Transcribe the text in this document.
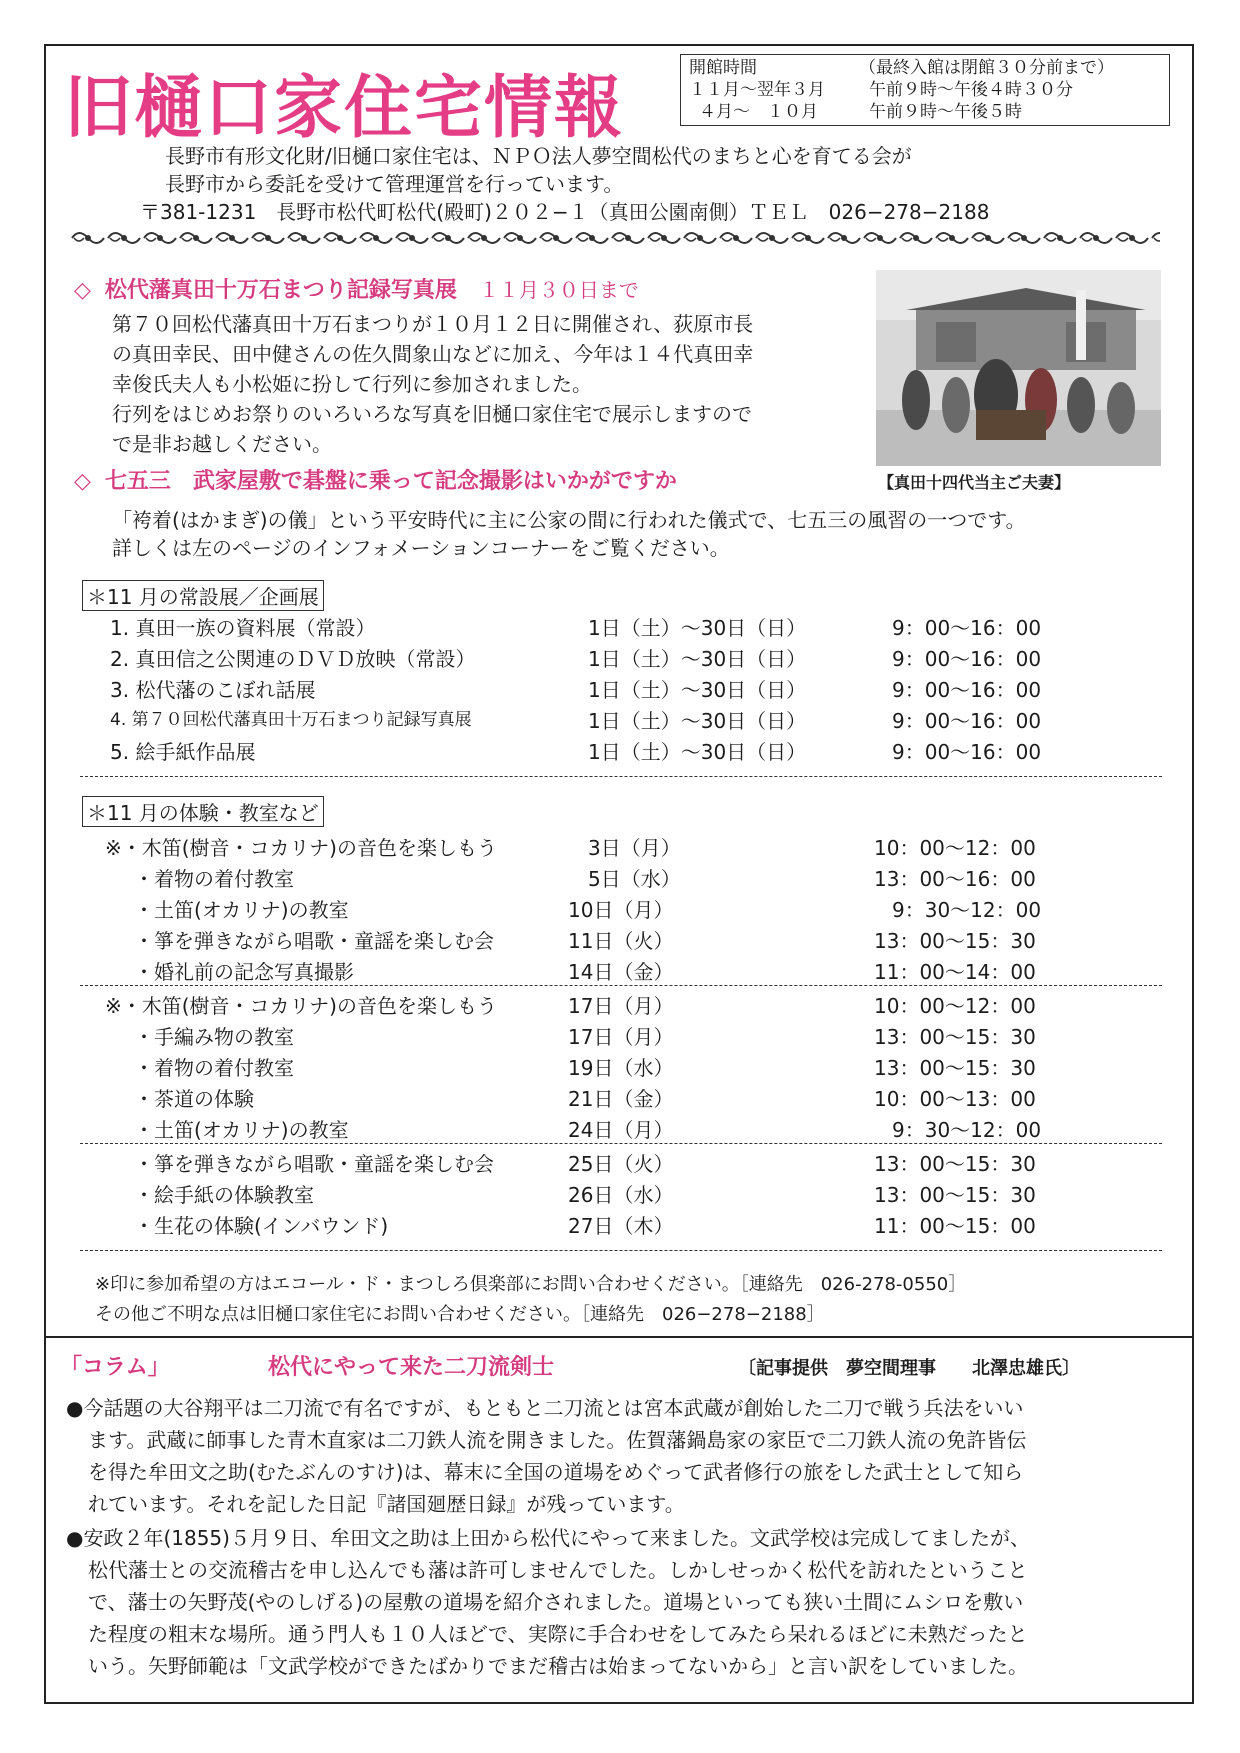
旧樋口家住宅情報
開館時間	（最終入館は閉館３０分前まで）
１１月～翌年３月	午前９時～午後４時３０分
４月～　１０月	午前９時～午後５時
長野市有形文化財/旧樋口家住宅は、ＮＰＯ法人夢空間松代のまちと心を育てる会が
長野市から委託を受けて管理運営を行っています。
〒381-1231　長野市松代町松代(殿町)２０２−１（真田公園南側）ＴＥＬ　026−278−2188
◇ 松代藩真田十万石まつり記録写真展 １１月３０日まで
第７０回松代藩真田十万石まつりが１０月１２日に開催され、荻原市長
の真田幸民、田中健さんの佐久間象山などに加え、今年は１４代真田幸
幸俊氏夫人も小松姫に扮して行列に参加されました。
行列をはじめお祭りのいろいろな写真を旧樋口家住宅で展示しますので
で是非お越しください。
【真田十四代当主ご夫妻】
◇ 七五三　武家屋敷で碁盤に乗って記念撮影はいかがですか
「袴着(はかまぎ)の儀」という平安時代に主に公家の間に行われた儀式で、七五三の風習の一つです。
詳しくは左のページのインフォメーションコーナーをご覧ください。
＊11 月の常設展／企画展
1. 真田一族の資料展（常設）	1日（土）～30日（日）	9：00～16：00
2. 真田信之公関連のＤＶＤ放映（常設）	1日（土）～30日（日）	9：00～16：00
3. 松代藩のこぼれ話展	1日（土）～30日（日）	9：00～16：00
4. 第７０回松代藩真田十万石まつり記録写真展	1日（土）～30日（日）	9：00～16：00
5. 絵手紙作品展	1日（土）～30日（日）	9：00～16：00
＊11 月の体験・教室など
※・木笛(樹音・コカリナ)の音色を楽しもう	3日（月）	10：00～12：00
・着物の着付教室	5日（水）	13：00～16：00
・土笛(オカリナ)の教室	10日（月）	9：30～12：00
・箏を弾きながら唱歌・童謡を楽しむ会	11日（火）	13：00～15：30
・婚礼前の記念写真撮影	14日（金）	11：00～14：00
※・木笛(樹音・コカリナ)の音色を楽しもう	17日（月）	10：00～12：00
・手編み物の教室	17日（月）	13：00～15：30
・着物の着付教室	19日（水）	13：00～15：30
・茶道の体験	21日（金）	10：00～13：00
・土笛(オカリナ)の教室	24日（月）	9：30～12：00
・箏を弾きながら唱歌・童謡を楽しむ会	25日（火）	13：00～15：30
・絵手紙の体験教室	26日（水）	13：00～15：30
・生花の体験(インバウンド)	27日（木）	11：00～15：00
※印に参加希望の方はエコール・ド・まつしろ倶楽部にお問い合わせください。［連絡先　026-278-0550］
その他ご不明な点は旧樋口家住宅にお問い合わせください。［連絡先　026−278−2188］
「コラム」	松代にやって来た二刀流剣士	〔記事提供　夢空間理事　　北澤忠雄氏〕
●今話題の大谷翔平は二刀流で有名ですが、もともと二刀流とは宮本武蔵が創始した二刀で戦う兵法をいい
ます。武蔵に師事した青木直家は二刀鉄人流を開きました。佐賀藩鍋島家の家臣で二刀鉄人流の免許皆伝
を得た牟田文之助(むたぶんのすけ)は、幕末に全国の道場をめぐって武者修行の旅をした武士として知ら
れています。それを記した日記『諸国廻歴日録』が残っています。
●安政２年(1855)５月９日、牟田文之助は上田から松代にやって来ました。文武学校は完成してましたが、
松代藩士との交流稽古を申し込んでも藩は許可しませんでした。しかしせっかく松代を訪れたということ
で、藩士の矢野茂(やのしげる)の屋敷の道場を紹介されました。道場といっても狭い土間にムシロを敷い
た程度の粗末な場所。通う門人も１０人ほどで、実際に手合わせをしてみたら呆れるほどに未熟だったと
いう。矢野師範は「文武学校ができたばかりでまだ稽古は始まってないから」と言い訳をしていました。
